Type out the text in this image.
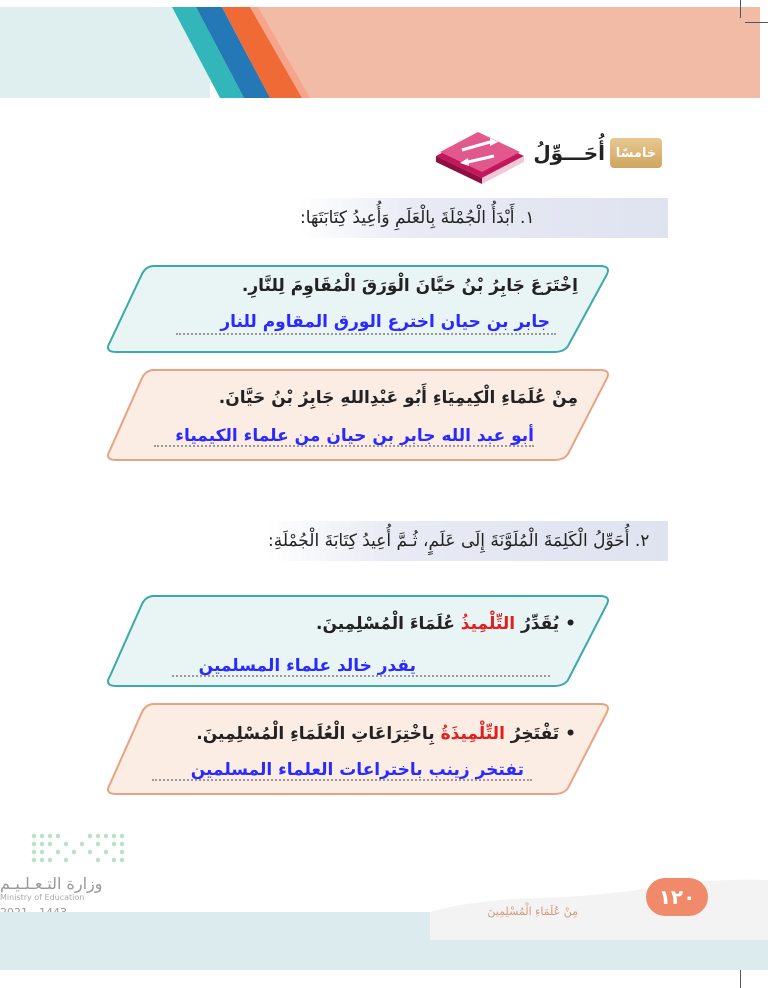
خامسًا
أُحَـــوِّلُ
١. أَبْدَأُ الْجُمْلَةَ بِالْعَلَمِ وَأُعِيدُ كِتَابَتَهَا:
اِخْتَرَعَ جَابِرُ بْنُ حَيَّانَ الْوَرَقَ الْمُقَاوِمَ لِلنَّارِ.
جابر بن حيان اخترع الورق المقاوم للنار
مِنْ عُلَمَاءِ الْكِيمِيَاءِ أَبُو عَبْدِاللهِ جَابِرُ بْنُ حَيَّانَ.
أبو عبد الله جابر بن حيان من علماء الكيمياء
٢. أُحَوِّلُ الْكَلِمَةَ الْمُلَوَّنَةَ إِلَى عَلَمٍ، ثُـمَّ أُعِيدُ كِتَابَةَ الْجُمْلَةِ:
• يُقَدِّرُ التِّلْمِيذُ عُلَمَاءَ الْمُسْلِمِينَ.
يقدر خالد علماء المسلمين
• تَفْتَخِرُ التِّلْمِيذَةُ بِاخْتِرَاعَاتِ الْعُلَمَاءِ الْمُسْلِمِينَ.
تفتخر زينب باختراعات العلماء المسلمين
وزارة التـعـلـيـم
Ministry of Education	١٢٠
مِنْ عُلَمَاءِ الْمُسْلِمِينَ
